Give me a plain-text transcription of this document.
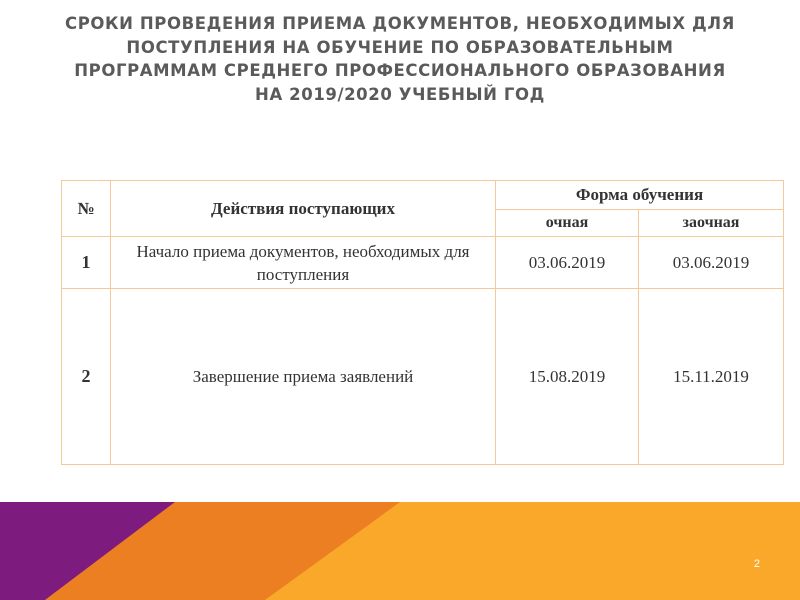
СРОКИ ПРОВЕДЕНИЯ ПРИЕМА ДОКУМЕНТОВ, НЕОБХОДИМЫХ ДЛЯ ПОСТУПЛЕНИЯ НА ОБУЧЕНИЕ ПО ОБРАЗОВАТЕЛЬНЫМ ПРОГРАММАМ СРЕДНЕГО ПРОФЕССИОНАЛЬНОГО ОБРАЗОВАНИЯ НА 2019/2020 УЧЕБНЫЙ ГОД
№	Действия поступающих	Форма обучения	
		очная	заочная
1	Начало приема документов, необходимых для поступления	03.06.2019	03.06.2019
2	Завершение приема заявлений	15.08.2019	15.11.2019
2
